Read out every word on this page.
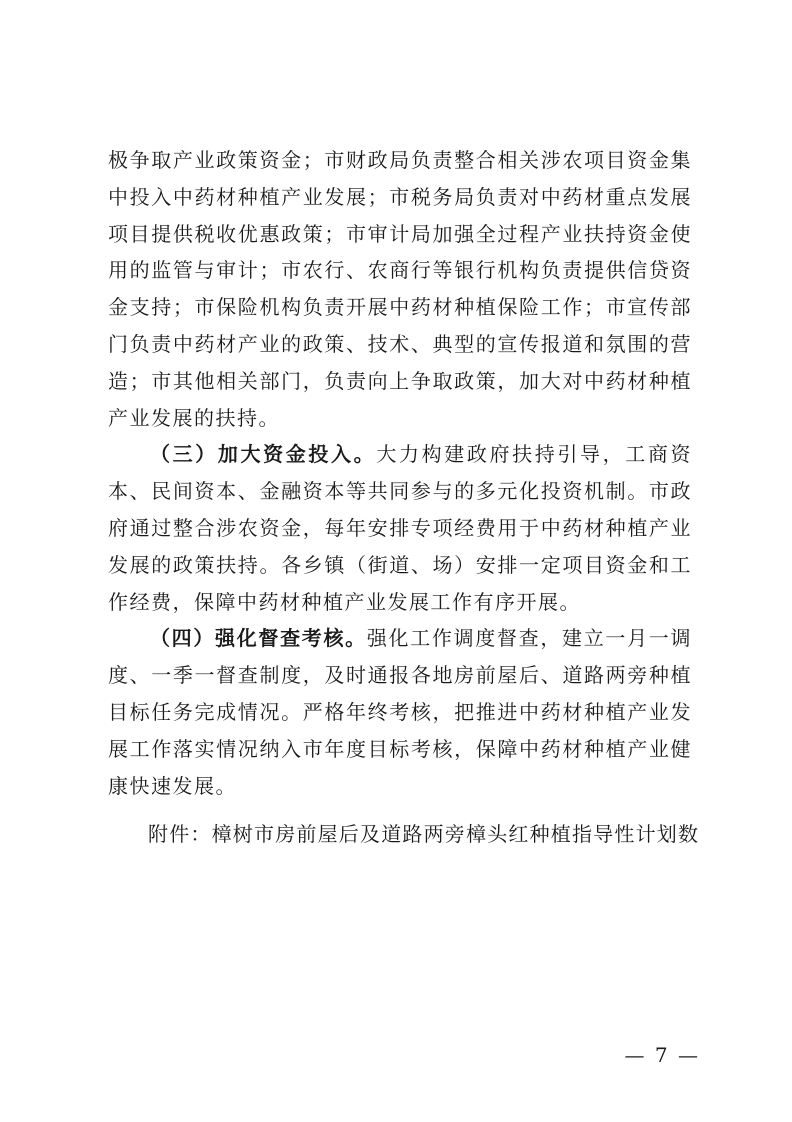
极争取产业政策资金；市财政局负责整合相关涉农项目资金集中投入中药材种植产业发展；市税务局负责对中药材重点发展项目提供税收优惠政策；市审计局加强全过程产业扶持资金使用的监管与审计；市农行、农商行等银行机构负责提供信贷资金支持；市保险机构负责开展中药材种植保险工作；市宣传部门负责中药材产业的政策、技术、典型的宣传报道和氛围的营造；市其他相关部门，负责向上争取政策，加大对中药材种植产业发展的扶持。

（三）加大资金投入。大力构建政府扶持引导，工商资本、民间资本、金融资本等共同参与的多元化投资机制。市政府通过整合涉农资金，每年安排专项经费用于中药材种植产业发展的政策扶持。各乡镇（街道、场）安排一定项目资金和工作经费，保障中药材种植产业发展工作有序开展。

（四）强化督查考核。强化工作调度督查，建立一月一调度、一季一督查制度，及时通报各地房前屋后、道路两旁种植目标任务完成情况。严格年终考核，把推进中药材种植产业发展工作落实情况纳入市年度目标考核，保障中药材种植产业健康快速发展。

附件：樟树市房前屋后及道路两旁樟头红种植指导性计划数
— 7 —
